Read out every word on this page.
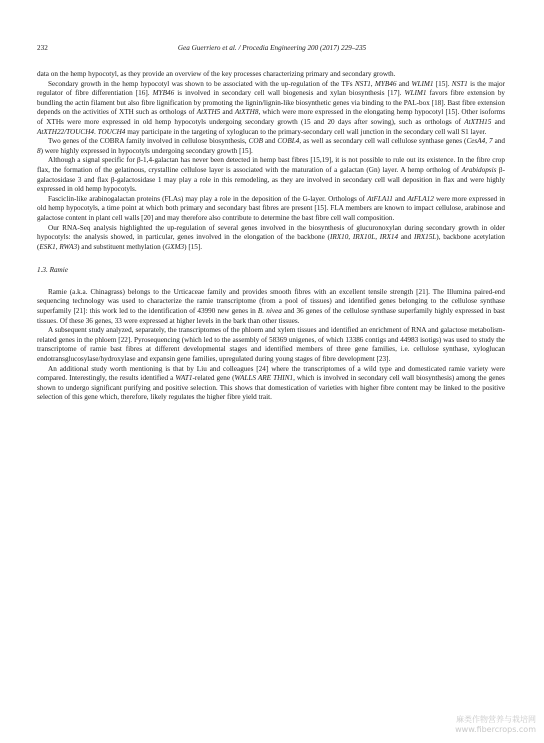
232	Gea Guerriero et al. / Procedia Engineering 200 (2017) 229–235

data on the hemp hypocotyl, as they provide an overview of the key processes characterizing primary and secondary growth.

Secondary growth in the hemp hypocotyl was shown to be associated with the up-regulation of the TFs NST1, MYB46 and WLIM1 [15]. NST1 is the major regulator of fibre differentiation [16]. MYB46 is involved in secondary cell wall biogenesis and xylan biosynthesis [17]. WLIM1 favors fibre extension by bundling the actin filament but also fibre lignification by promoting the lignin/lignin-like biosynthetic genes via binding to the PAL-box [18]. Bast fibre extension depends on the activities of XTH such as orthologs of AtXTH5 and AtXTH8, which were more expressed in the elongating hemp hypocotyl [15]. Other isoforms of XTHs were more expressed in old hemp hypocotyls undergoing secondary growth (15 and 20 days after sowing), such as orthologs of AtXTH15 and AtXTH22/TOUCH4. TOUCH4 may participate in the targeting of xyloglucan to the primary-secondary cell wall junction in the secondary cell wall S1 layer.

Two genes of the COBRA family involved in cellulose biosynthesis, COB and COBL4, as well as secondary cell wall cellulose synthase genes (CesA4, 7 and 8) were highly expressed in hypocotyls undergoing secondary growth [15].

Although a signal specific for β-1,4-galactan has never been detected in hemp bast fibres [15,19], it is not possible to rule out its existence. In the fibre crop flax, the formation of the gelatinous, crystalline cellulose layer is associated with the maturation of a galactan (Gn) layer. A hemp ortholog of Arabidopsis β-galactosidase 3 and flax β-galactosidase 1 may play a role in this remodeling, as they are involved in secondary cell wall deposition in flax and were highly expressed in old hemp hypocotyls.

Fasciclin-like arabinogalactan proteins (FLAs) may play a role in the deposition of the G-layer. Orthologs of AtFLA11 and AtFLA12 were more expressed in old hemp hypocotyls, a time point at which both primary and secondary bast fibres are present [15]. FLA members are known to impact cellulose, arabinose and galactose content in plant cell walls [20] and may therefore also contribute to determine the bast fibre cell wall composition.

Our RNA-Seq analysis highlighted the up-regulation of several genes involved in the biosynthesis of glucuronoxylan during secondary growth in older hypocotyls: the analysis showed, in particular, genes involved in the elongation of the backbone (IRX10, IRX10L, IRX14 and IRX15L), backbone acetylation (ESK1, RWA3) and substituent methylation (GXM3) [15].

1.3. Ramie

Ramie (a.k.a. Chinagrass) belongs to the Urticaceae family and provides smooth fibres with an excellent tensile strength [21]. The Illumina paired-end sequencing technology was used to characterize the ramie transcriptome (from a pool of tissues) and identified genes belonging to the cellulose synthase superfamily [21]: this work led to the identification of 43990 new genes in B. nivea and 36 genes of the cellulose synthase superfamily highly expressed in bast tissues. Of these 36 genes, 33 were expressed at higher levels in the bark than other tissues.

A subsequent study analyzed, separately, the transcriptomes of the phloem and xylem tissues and identified an enrichment of RNA and galactose metabolism-related genes in the phloem [22]. Pyrosequencing (which led to the assembly of 58369 unigenes, of which 13386 contigs and 44983 isotigs) was used to study the transcriptome of ramie bast fibres at different developmental stages and identified members of three gene families, i.e. cellulose synthase, xyloglucan endotransglucosylase/hydroxylase and expansin gene families, upregulated during young stages of fibre development [23].

An additional study worth mentioning is that by Liu and colleagues [24] where the transcriptomes of a wild type and domesticated ramie variety were compared. Interestingly, the results identified a WAT1-related gene (WALLS ARE THIN1, which is involved in secondary cell wall biosynthesis) among the genes shown to undergo significant purifying and positive selection. This shows that domestication of varieties with higher fibre content may be linked to the positive selection of this gene which, therefore, likely regulates the higher fibre yield trait.

麻类作物营养与栽培网
www.fibercrops.com
